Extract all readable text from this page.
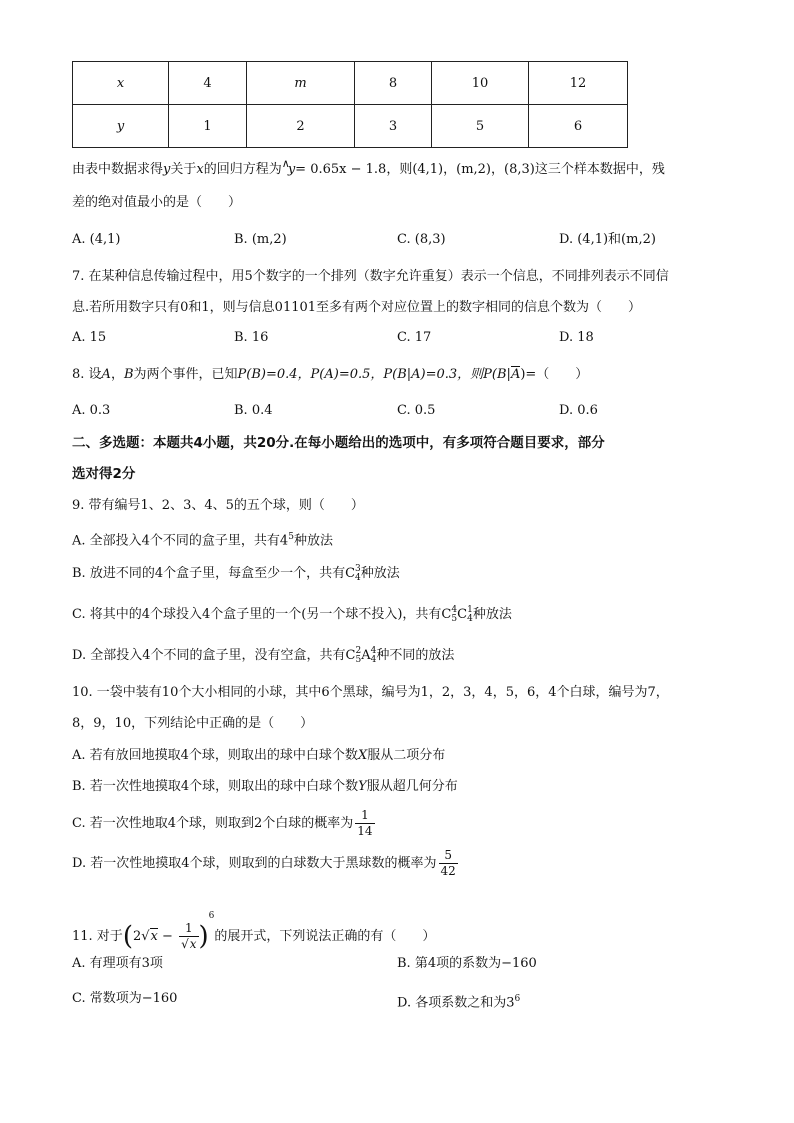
x	4	m	8	10	12
y	1	2	3	5	6
由表中数据求得y关于x的回归方程为∧y= 0.65x − 1.8，则(4,1)，(m,2)，(8,3)这三个样本数据中，残
差的绝对值最小的是（　　）
A. (4,1)	B. (m,2)	C. (8,3)	D. (4,1)和(m,2)
7. 在某种信息传输过程中，用5个数字的一个排列（数字允许重复）表示一个信息，不同排列表示不同信
息.若所用数字只有0和1，则与信息01101至多有两个对应位置上的数字相同的信息个数为（　　）
A. 15	B. 16	C. 17	D. 18
8. 设A，B为两个事件，已知P(B)=0.4，P(A)=0.5，P(B|A)=0.3，则P(B|A)=（　　）
A. 0.3	B. 0.4	C. 0.5	D. 0.6
二、多选题：本题共4小题，共20分.在每小题给出的选项中，有多项符合题目要求，部分
选对得2分
9. 带有编号1、2、3、4、5的五个球，则（　　）
A. 全部投入4个不同的盒子里，共有$4^5$种放法
B. 放进不同的4个盒子里，每盒至少一个，共有C 3
4 种放法
C. 将其中的4个球投入4个盒子里的一个(另一个球不投入)，共有C 4
5 C 1
4 种放法
D. 全部投入4个不同的盒子里，没有空盒，共有C 2
5 A 4
4 种不同的放法
10. 一袋中装有10个大小相同的小球，其中6个黑球，编号为1，2，3，4，5，6，4个白球，编号为7，
8，9，10，下列结论中正确的是（　　）
A. 若有放回地摸取4个球，则取出的球中白球个数X服从二项分布
B. 若一次性地摸取4个球，则取出的球中白球个数Y服从超几何分布
C. 若一次性地取4个球，则取到2个白球的概率为 $\frac{1}{14}$
D. 若一次性地摸取4个球，则取到的白球数大于黑球数的概率为 $\frac{5}{42}$
11. 对于$(2√x - \frac{1}{√x} )^6$的展开式，下列说法正确的有（　　）
A. 有理项有3项	B. 第4项的系数为−160
C. 常数项为−160	D. 各项系数之和为$3^6$
